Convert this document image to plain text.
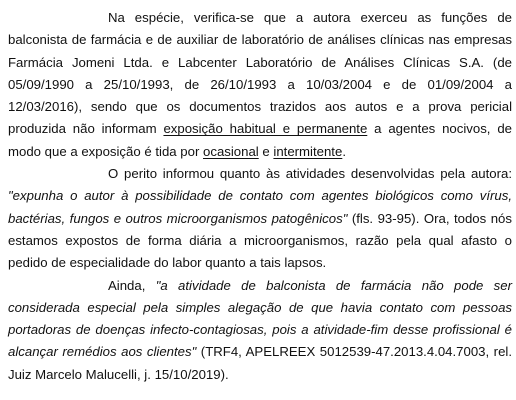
Na espécie, verifica-se que a autora exerceu as funções de balconista de farmácia e de auxiliar de laboratório de análises clínicas nas empresas Farmácia Jomeni Ltda. e Labcenter Laboratório de Análises Clínicas S.A. (de 05/09/1990 a 25/10/1993, de 26/10/1993 a 10/03/2004 e de 01/09/2004 a 12/03/2016), sendo que os documentos trazidos aos autos e a prova pericial produzida não informam exposição habitual e permanente a agentes nocivos, de modo que a exposição é tida por ocasional e intermitente.

O perito informou quanto às atividades desenvolvidas pela autora: "expunha o autor à possibilidade de contato com agentes biológicos como vírus, bactérias, fungos e outros microorganismos patogênicos" (fls. 93-95). Ora, todos nós estamos expostos de forma diária a microorganismos, razão pela qual afasto o pedido de especialidade do labor quanto a tais lapsos.

Ainda, "a atividade de balconista de farmácia não pode ser considerada especial pela simples alegação de que havia contato com pessoas portadoras de doenças infecto-contagiosas, pois a atividade-fim desse profissional é alcançar remédios aos clientes" (TRF4, APELREEX 5012539-47.2013.4.04.7003, rel. Juiz Marcelo Malucelli, j. 15/10/2019).
